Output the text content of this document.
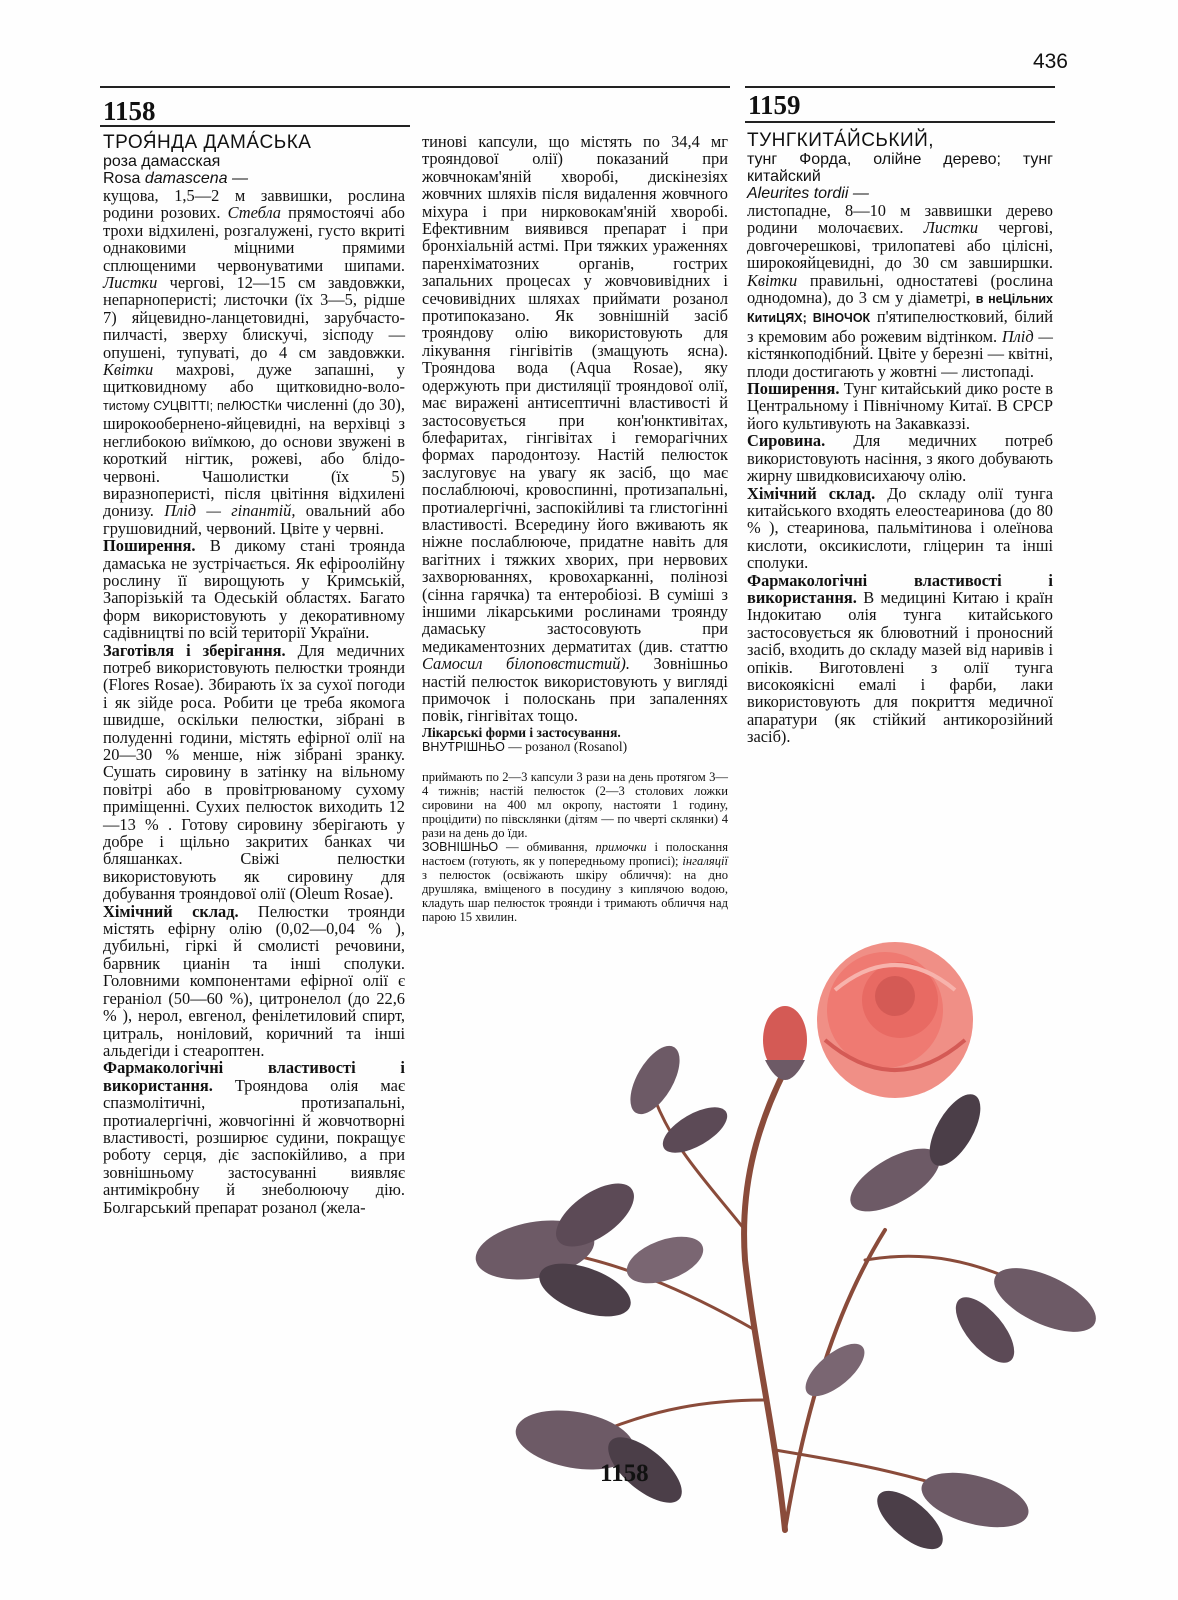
436
1158	1159
ТРОЯ́НДА ДАМА́СЬКА
роза дамасская
Rosa damascena —

кущова, 1,5—2 м заввишки, рослина родини розових. Стебла прямостоячі або трохи відхилені, розгалужені, густо вкриті однаковими міцними прямими сплющеними червонуватими шипами. Листки чергові, 12—15 см завдовжки, непарноперисті; листочки (їх 3—5, рідше 7) яйцевидно-ланцетовидні, зарубчасто-пилчасті, зверху блискучі, зісподу — опушені, тупуваті, до 4 см завдовжки. Квітки махрові, дуже запашні, у щитковидному або щитковидно-воло- тистому СУЦВІТТІ; пеЛЮСТКи численні (до 30), широкообернено-яйцевидні, на верхівці з неглибокою виїмкою, до основи звужені в короткий нігтик, рожеві, або блідо-червоні. Чашолистки (їх 5) виразноперисті, після цвітіння відхилені донизу. Плід — гіпантій, овальний або грушовидний, червоний. Цвіте у червні.

Поширення. В дикому стані троянда дамаська не зустрічається. Як ефіроолійну рослину її вирощують у Кримській, Запорізькій та Одеській областях. Багато форм використовують у декоративному садівництві по всій території України.

Заготівля і зберігання. Для медичних потреб використовують пелюстки троянди (Flores Rosae). Збирають їх за сухої погоди і як зійде роса. Робити це треба якомога швидше, оскільки пелюстки, зібрані в полуденні години, містять ефірної олії на 20—30 % менше, ніж зібрані зранку. Сушать сировину в затінку на вільному повітрі або в провітрюваному сухому приміщенні. Сухих пелюсток виходить 12—13 % . Готову сировину зберігають у добре і щільно закритих банках чи бляшанках. Свіжі пелюстки використовують як сировину для добування трояндової олії (Oleum Rosae).

Хімічний склад. Пелюстки троянди містять ефірну олію (0,02—0,04 % ), дубильні, гіркі й смолисті речовини, барвник цианін та інші сполуки. Головними компонентами ефірної олії є гераніол (50—60 %), цитронелол (до 22,6 % ), нерол, евгенол, фенілетиловий спирт, цитраль, ноніловий, коричний та інші альдегіди і стеароптен.

Фармакологічні властивості і використання. Трояндова олія має спазмолітичні, протизапальні, протиалергічні, жовчогінні й жовчотворні властивості, розширює судини, покращує роботу серця, діє заспокійливо, а при зовнішньому застосуванні виявляє антимікробну й знеболюючу дію. Болгарський препарат розанол (жела-

тинові капсули, що містять по 34,4 мг трояндової олії) показаний при жовчнокам'яній хворобі, дискінезіях жовчних шляхів після видалення жовчного міхура і при нирковокам'яній хворобі. Ефективним виявився препарат і при бронхіальній астмі. При тяжких ураженнях паренхіматозних органів, гострих запальних процесах у жовчовивідних і сечовивідних шляхах приймати розанол протипоказано. Як зовнішній засіб трояндову олію використовують для лікування гінгівітів (змащують ясна). Трояндова вода (Aqua Rosae), яку одержують при дистиляції трояндової олії, має виражені антисептичні властивості й застосовується при кон'юнктивітах, блефаритах, гінгівітах і геморагічних формах пародонтозу. Настій пелюсток заслуговує на увагу як засіб, що має послаблюючі, кровоспинні, протизапальні, протиалергічні, заспокійливі та глистогінні властивості. Всередину його вживають як ніжне послаблююче, придатне навіть для вагітних і тяжких хворих, при нервових захворюваннях, кровохарканні, полінозі (сінна гарячка) та ентеробіозі. В суміші з іншими лікарськими рослинами троянду дамаську застосовують при медикаментозних дерматитах (див. статтю Самосил білоповстистий). Зовнішньо настій пелюсток використовують у вигляді примочок і полоскань при запаленнях повік, гінгівітах тощо.

Лікарські форми і застосування.

ВНУТРІШНЬО — розанол (Rosanol)

приймають по 2—3 капсули 3 рази на день протягом 3—4 тижнів; настій пелюсток (2—3 столових ложки сировини на 400 мл окропу, настояти 1 годину, процідити) по півсклянки (дітям — по чверті склянки) 4 рази на день до їди.

ЗОВНІШНЬО — обмивання, примочки і полоскання настоєм (готують, як у попередньому прописі); інгаляції з пелюсток (освіжають шкіру обличчя): на дно друшляка, вміщеного в посудину з киплячою водою, кладуть шар пелюсток троянди і тримають обличчя над парою 15 хвилин.

ТУНГКИТА́ЙСЬКИЙ,
тунг Форда, олійне дерево; тунг китайский
Aleurites tordii —

листопадне, 8—10 м заввишки дерево родини молочаєвих. Листки чергові, довгочерешкові, трилопатеві або цілісні, широкояйцевидні, до 30 см завширшки. Квітки правильні, одностатеві (рослина однодомна), до 3 см у діаметрі, в неЦільних КитиЦЯХ; ВІНОЧОК п'ятипелюстковий, білий з кремовим або рожевим відтінком. Плід — кістянкоподібний. Цвіте у березні — квітні, плоди достигають у жовтні — листопаді.

Поширення. Тунг китайський дико росте в Центральному і Північному Китаї. В СРСР його культивують на Закавказзі.

Сировина. Для медичних потреб використовують насіння, з якого добувають жирну швидковисихаючу олію.

Хімічний склад. До складу олії тунга китайського входять елеостеаринова (до 80 % ), стеаринова, пальмітинова і олеїнова кислоти, оксикислоти, гліцерин та інші сполуки.

Фармакологічні властивості і використання. В медицині Китаю і країн Індокитаю олія тунга китайського застосовується як блювотний і проносний засіб, входить до складу мазей від наривів і опіків. Виготовлені з олії тунга високоякісні емалі і фарби, лаки використовують для покриття медичної апаратури (як стійкий антикорозійний засіб).

1158
